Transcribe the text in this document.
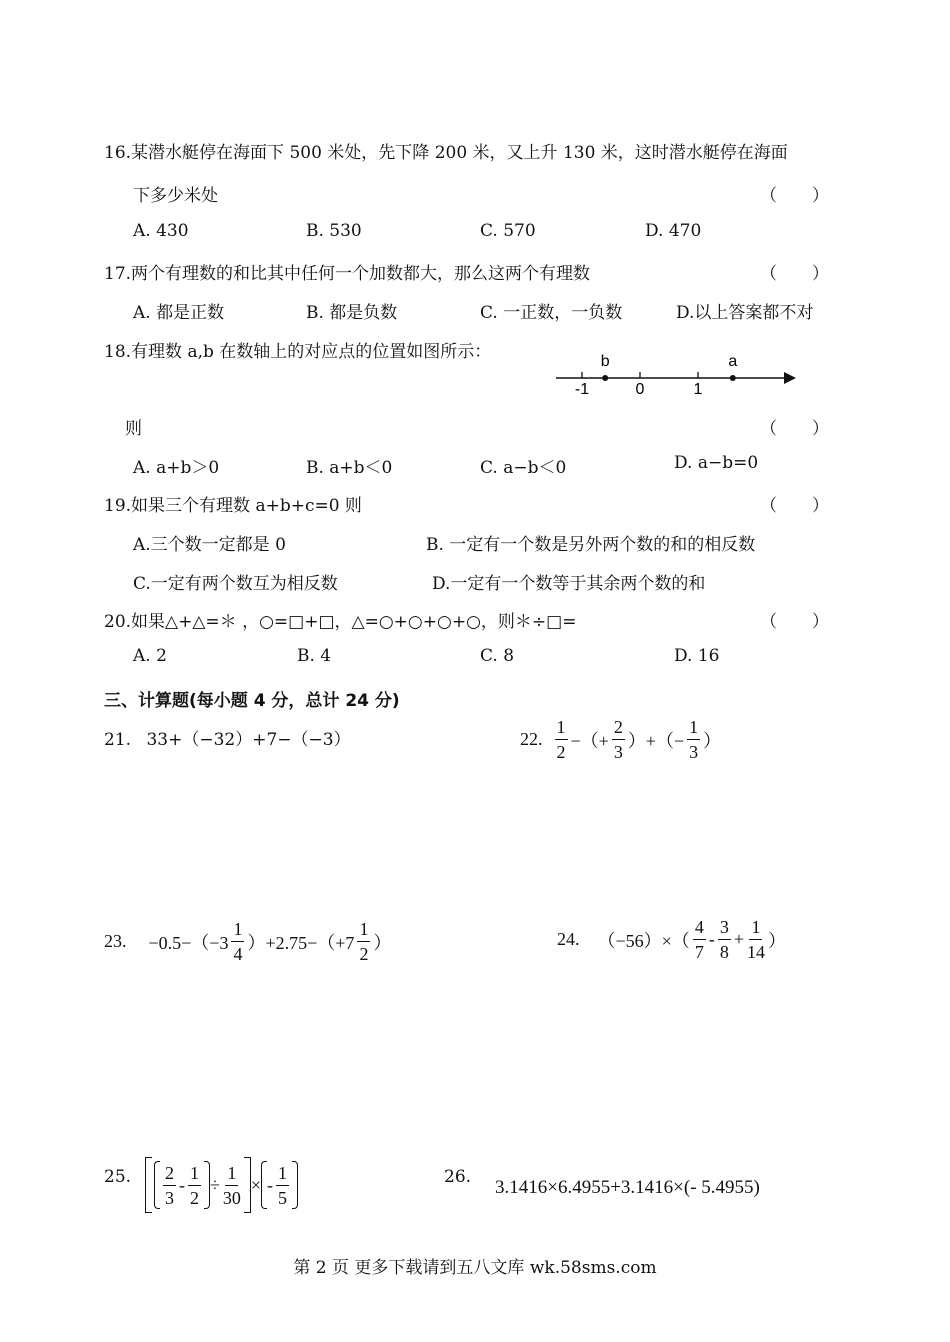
16.某潜水艇停在海面下 500 米处，先下降 200 米，又上升 130 米，这时潜水艇停在海面
下多少米处	（ ）
A. 430	B. 530	C. 570	D. 470
17.两个有理数的和比其中任何一个加数都大，那么这两个有理数	（ ）
A. 都是正数	B. 都是负数	C. 一正数，一负数	D.以上答案都不对
18.有理数 a,b 在数轴上的对应点的位置如图所示：
-1	0	1
b	a
则	（ ）
A. a+b＞0	B. a+b＜0	C. a−b＜0	D. a−b=0
19.如果三个有理数 a+b+c=0 则	（ ）
A.三个数一定都是 0	B. 一定有一个数是另外两个数的和的相反数
C.一定有两个数互为相反数	D.一定有一个数等于其余两个数的和
20.如果△+△=＊ ，○=□+□，△=○+○+○+○，则＊÷□=	（ ）
A. 2	B. 4	C. 8	D. 16
三、计算题(每小题 4 分，总计 24 分)
21. 33+（−32）+7−（−3）	22. $\frac{1}{2}$ −（+ $\frac{2}{3}$ ）+（− $\frac{1}{3}$ ）
23. $-0.5-(-3 \frac{1}{4} )+2.75-(+7 \frac{1}{2}$ ）	24. $(-56)\times( \frac{4}{7} - \frac{3}{8} + \frac{1}{14}$ ）
25. $\frac{2}{3} - \frac{1}{2} \div \frac{1}{30}$ × - $\frac{1}{5}$	26. 3.1416×6.4955+3.1416×(- 5.4955)
第 2 页 更多下载请到五八文库 wk.58sms.com
